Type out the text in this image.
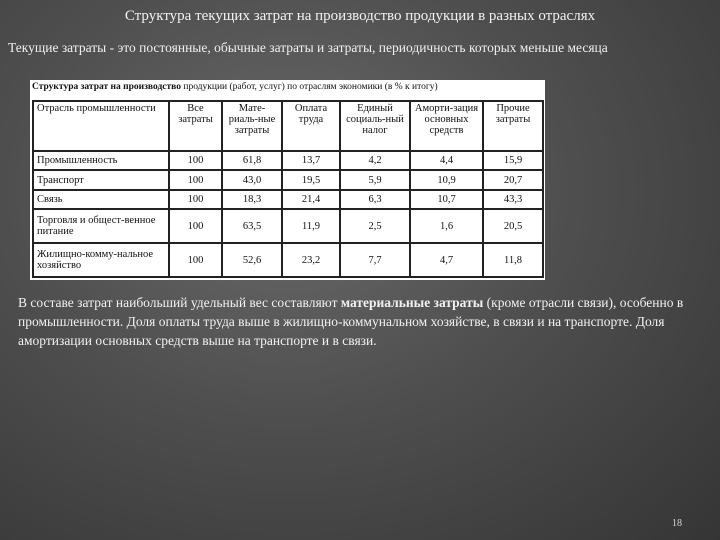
Структура текущих затрат на производство продукции в разных отраслях
Текущие затраты - это постоянные, обычные затраты и затраты, периодичность которых меньше месяца
Структура затрат на производство продукции (работ, услуг) по отраслям экономики (в % к итогу)
Отрасль промышленности	Все затраты	Мате-риаль-ные затраты	Оплата труда	Единый социаль-ный налог	Аморти-зация основных средств	Прочие затраты
Промышленность	100	61,8	13,7	4,2	4,4	15,9
Транспорт	100	43,0	19,5	5,9	10,9	20,7
Связь	100	18,3	21,4	6,3	10,7	43,3
Торговля и общест-венное питание	100	63,5	11,9	2,5	1,6	20,5
Жилищно-комму-нальное хозяйство	100	52,6	23,2	7,7	4,7	11,8
В составе затрат наибольший удельный вес составляют материальные затраты (кроме отрасли связи), особенно в промышленности. Доля оплаты труда выше в жилищно-коммунальном хозяйстве, в связи и на транспорте. Доля амортизации основных средств выше на транспорте и в связи.
18
